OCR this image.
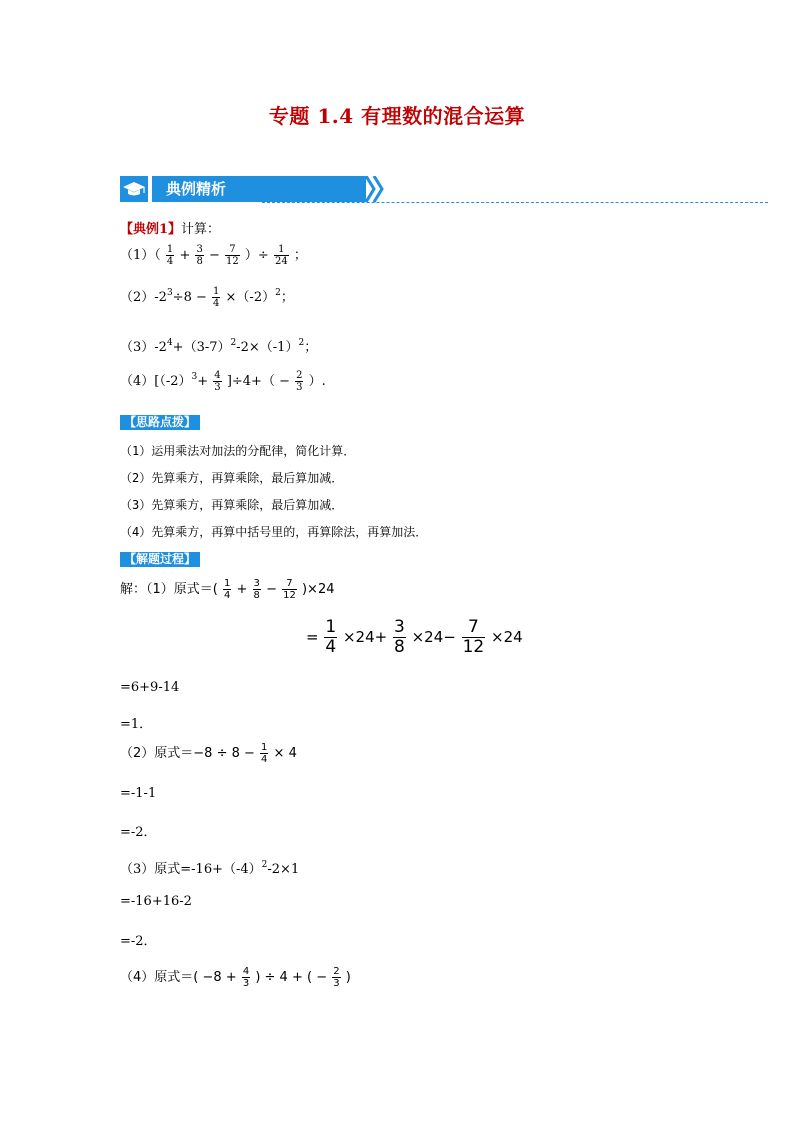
专题 1.4 有理数的混合运算
典例精析
【典例1】计算：
$(1)( \frac{1}{4} + \frac{3}{8} - \frac{7}{12}$ ）÷ $\frac{1}{24}$ ；
$(2)-2^3\div 8 - \frac{1}{4} \times(-2)^2$；
$(3)-2^4+(3-7)^2-2\times(-1)^2$；
$(4)[(-2)^3+ \frac{4}{3} ]\div 4+( - \frac{2}{3}$ ）.
【思路点拨】
（1）运用乘法对加法的分配律，简化计算．
（2）先算乘方，再算乘除，最后算加减．
（3）先算乘方，再算乘除，最后算加减．
（4）先算乘方，再算中括号里的，再算除法，再算加法．
【解题过程】
解：（1）原式＝( $\frac{1}{4} + \frac{3}{8} - \frac{7}{12} )\times 24$
= $\frac{1}{4} \times 24+ \frac{3}{8} \times 24- \frac{7}{12} \times 24$
=6+9-14
=1．
（2）原式$=-8 \div 8 - \frac{1}{4} \times 4$
=-1-1
=-2．
（3）原式$=-16+(-4)^2-2\times 1$
=-16+16-2
=-2．
（4）原式＝( $-8 + \frac{4}{3}$ ) ÷ 4 + ( − $\frac{2}{3}$ )
